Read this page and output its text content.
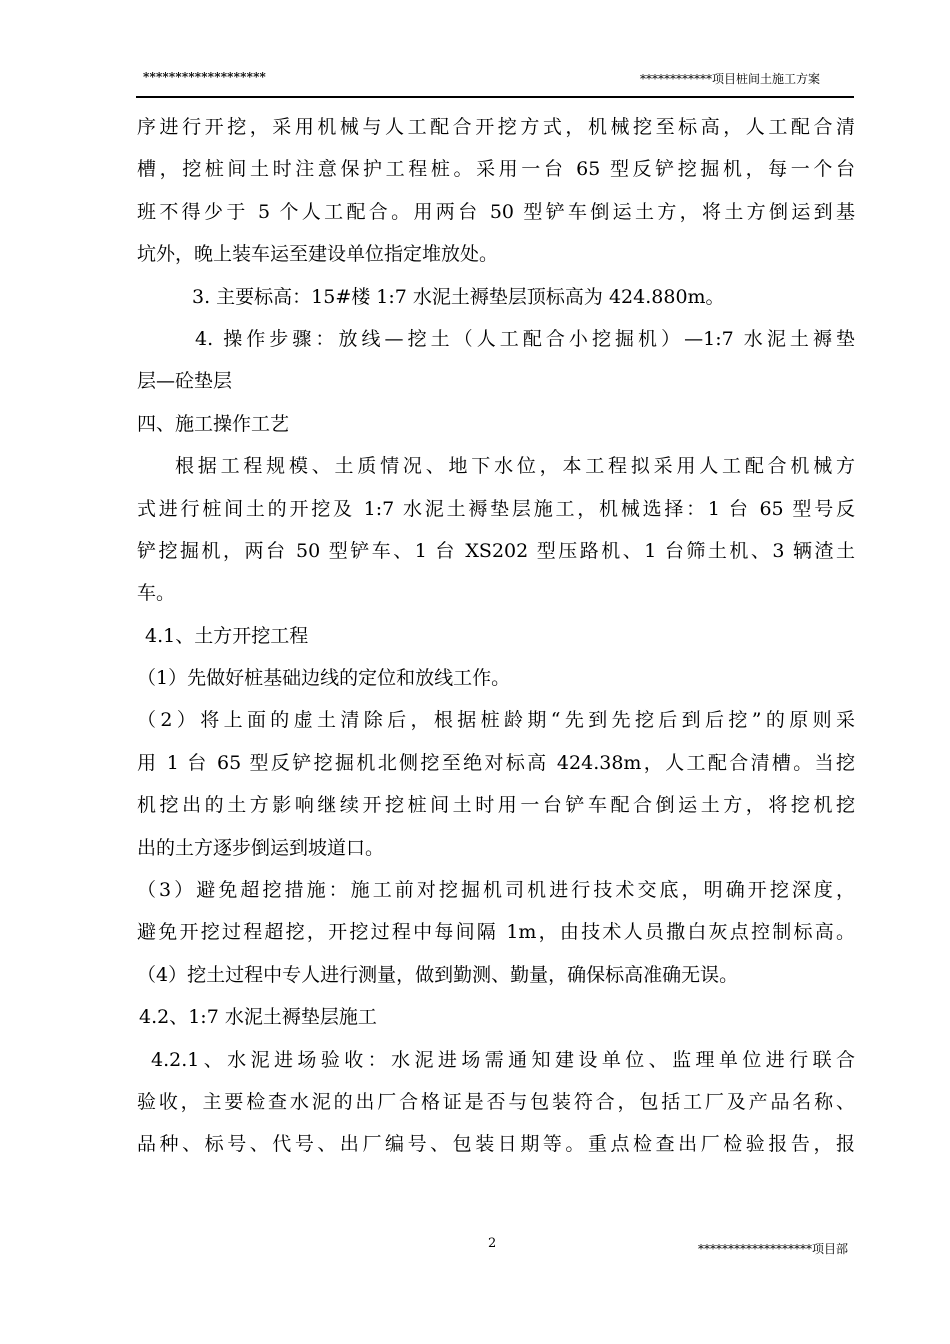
*******************	************项目桩间土施工方案
序进行开挖，采用机械与人工配合开挖方式，机械挖至标高，人工配合清
槽，挖桩间土时注意保护工程桩。采用一台 65 型反铲挖掘机，每一个台
班不得少于 5 个人工配合。用两台 50 型铲车倒运土方，将土方倒运到基
坑外，晚上装车运至建设单位指定堆放处。
3. 主要标高：15#楼 1:7 水泥土褥垫层顶标高为 424.880m。
4. 操作步骤：放线—挖土（人工配合小挖掘机）—1:7 水泥土褥垫
层—砼垫层
四、施工操作工艺
根据工程规模、土质情况、地下水位，本工程拟采用人工配合机械方
式进行桩间土的开挖及 1:7 水泥土褥垫层施工，机械选择：1 台 65 型号反
铲挖掘机，两台 50 型铲车、1 台 XS202 型压路机、1 台筛土机、3 辆渣土
车。
4.1、土方开挖工程
（1）先做好桩基础边线的定位和放线工作。
（2）将上面的虚土清除后，根据桩龄期“先到先挖后到后挖”的原则采
用 1 台 65 型反铲挖掘机北侧挖至绝对标高 424.38m，人工配合清槽。当挖
机挖出的土方影响继续开挖桩间土时用一台铲车配合倒运土方，将挖机挖
出的土方逐步倒运到坡道口。
（3）避免超挖措施：施工前对挖掘机司机进行技术交底，明确开挖深度，
避免开挖过程超挖，开挖过程中每间隔 1m，由技术人员撒白灰点控制标高。
（4）挖土过程中专人进行测量，做到勤测、勤量，确保标高准确无误。
4.2、1:7 水泥土褥垫层施工
4.2.1、水泥进场验收：水泥进场需通知建设单位、监理单位进行联合
验收，主要检查水泥的出厂合格证是否与包装符合，包括工厂及产品名称、
品种、标号、代号、出厂编号、包装日期等。重点检查出厂检验报告，报
2	*******************项目部
